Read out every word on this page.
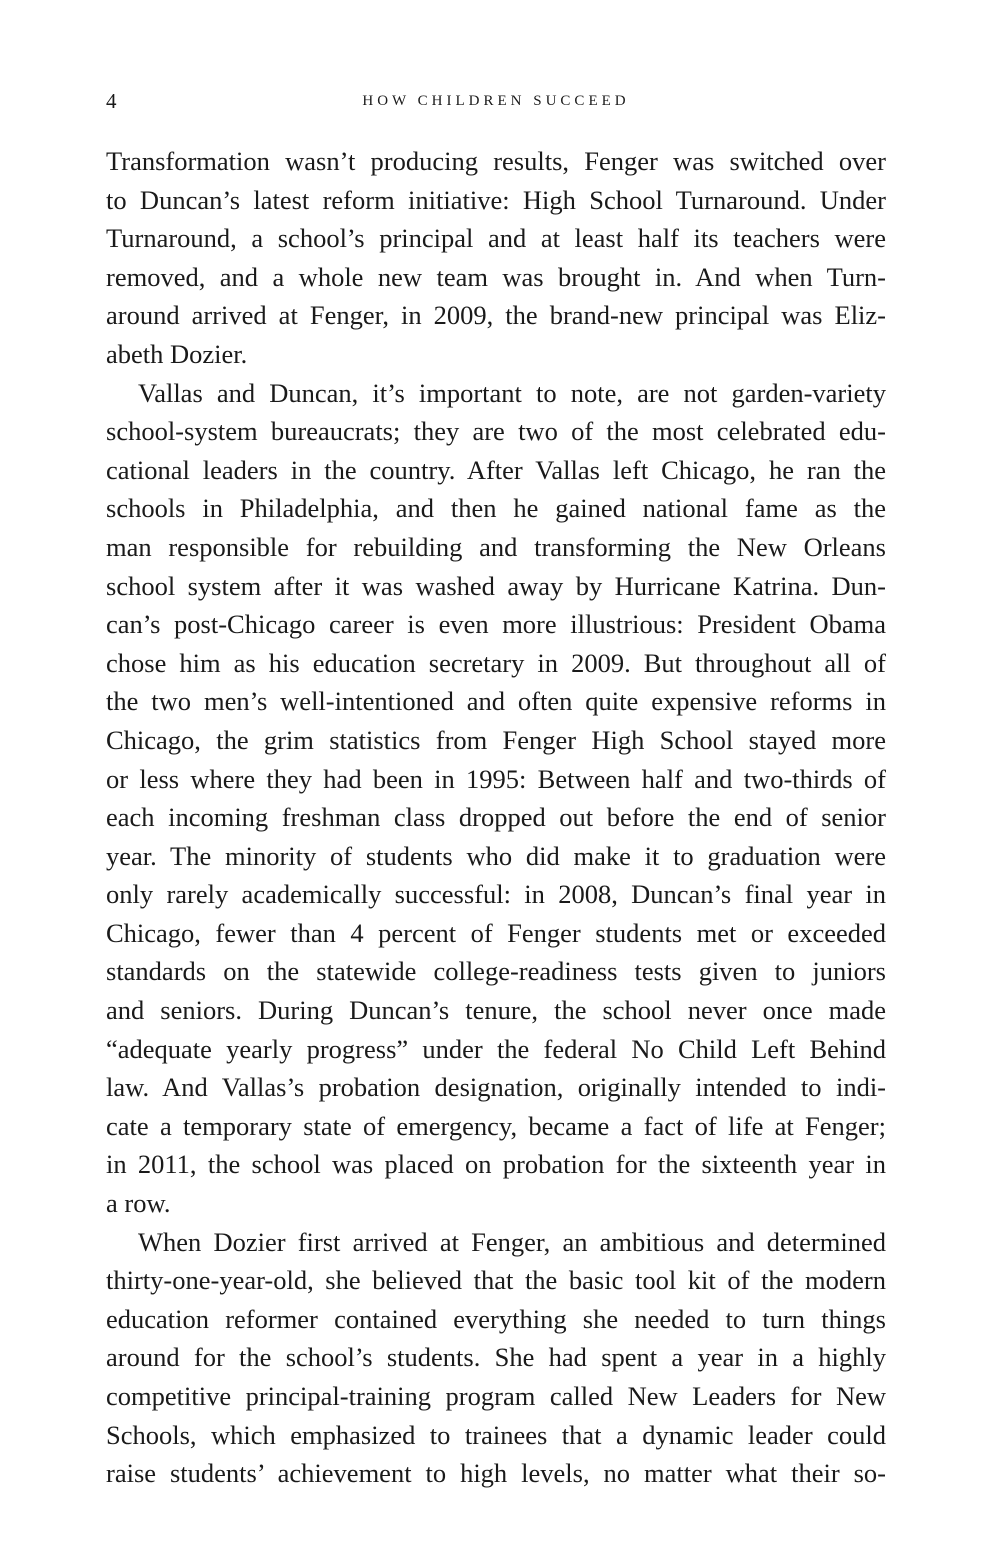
4	HOW CHILDREN SUCCEED

Transformation wasn’t producing results, Fenger was switched over
to Duncan’s latest reform initiative: High School Turnaround. Under
Turnaround, a school’s principal and at least half its teachers were
removed, and a whole new team was brought in. And when Turn-
around arrived at Fenger, in 2009, the brand-new principal was Eliz-
abeth Dozier.

Vallas and Duncan, it’s important to note, are not garden-variety
school-system bureaucrats; they are two of the most celebrated edu-
cational leaders in the country. After Vallas left Chicago, he ran the
schools in Philadelphia, and then he gained national fame as the
man responsible for rebuilding and transforming the New Orleans
school system after it was washed away by Hurricane Katrina. Dun-
can’s post-Chicago career is even more illustrious: President Obama
chose him as his education secretary in 2009. But throughout all of
the two men’s well-intentioned and often quite expensive reforms in
Chicago, the grim statistics from Fenger High School stayed more
or less where they had been in 1995: Between half and two-thirds of
each incoming freshman class dropped out before the end of senior
year. The minority of students who did make it to graduation were
only rarely academically successful: in 2008, Duncan’s final year in
Chicago, fewer than 4 percent of Fenger students met or exceeded
standards on the statewide college-readiness tests given to juniors
and seniors. During Duncan’s tenure, the school never once made
“adequate yearly progress” under the federal No Child Left Behind
law. And Vallas’s probation designation, originally intended to indi-
cate a temporary state of emergency, became a fact of life at Fenger;
in 2011, the school was placed on probation for the sixteenth year in
a row.

When Dozier first arrived at Fenger, an ambitious and determined
thirty-one-year-old, she believed that the basic tool kit of the modern
education reformer contained everything she needed to turn things
around for the school’s students. She had spent a year in a highly
competitive principal-training program called New Leaders for New
Schools, which emphasized to trainees that a dynamic leader could
raise students’ achievement to high levels, no matter what their so-
